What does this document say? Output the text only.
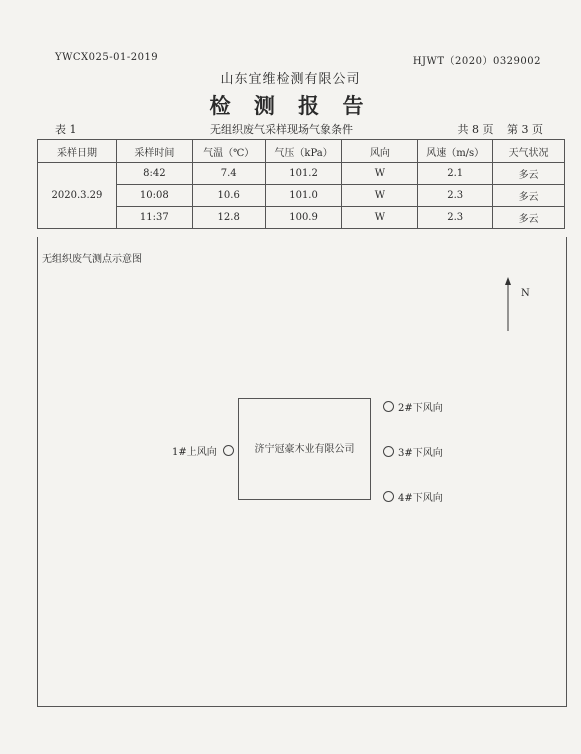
YWCX025-01-2019	HJWT（2020）0329002
山东宜维检测有限公司
检 测 报 告
表 1	无组织废气采样现场气象条件	共 8 页 第 3 页
采样日期	采样时间	气温（℃）	气压（kPa）	风向	风速（m/s）	天气状况
2020.3.29	8:42	7.4	101.2	W	2.1	多云
	10:08	10.6	101.0	W	2.3	多云
	11:37	12.8	100.9	W	2.3	多云
无组织废气测点示意图
N
济宁冠豪木业有限公司
1#上风向
2#下风向
3#下风向
4#下风向
